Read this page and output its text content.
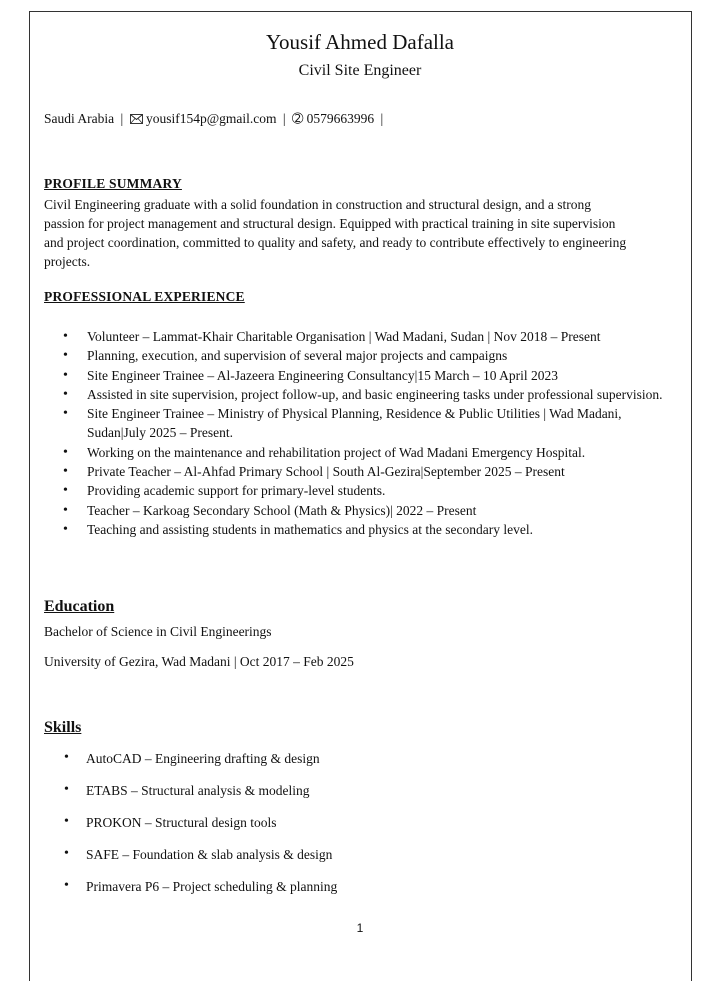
Yousif Ahmed Dafalla
Civil Site Engineer
Saudi Arabia | yousif154p@gmail.com | ➁ 0579663996 |
PROFILE SUMMARY
Civil Engineering graduate with a solid foundation in construction and structural design, and a strong
passion for project management and structural design. Equipped with practical training in site supervision
and project coordination, committed to quality and safety, and ready to contribute effectively to engineering
projects.
PROFESSIONAL EXPERIENCE
• Volunteer – Lammat-Khair Charitable Organisation | Wad Madani, Sudan | Nov 2018 – Present
• Planning, execution, and supervision of several major projects and campaigns
• Site Engineer Trainee – Al-Jazeera Engineering Consultancy|15 March – 10 April 2023
• Assisted in site supervision, project follow-up, and basic engineering tasks under professional supervision.
• Site Engineer Trainee – Ministry of Physical Planning, Residence & Public Utilities | Wad Madani, Sudan|July 2025 – Present.
• Working on the maintenance and rehabilitation project of Wad Madani Emergency Hospital.
• Private Teacher – Al-Ahfad Primary School | South Al-Gezira|September 2025 – Present
• Providing academic support for primary-level students.
• Teacher – Karkoag Secondary School (Math & Physics)| 2022 – Present
• Teaching and assisting students in mathematics and physics at the secondary level.
Education
Bachelor of Science in Civil Engineerings
University of Gezira, Wad Madani | Oct 2017 – Feb 2025
Skills
• AutoCAD – Engineering drafting & design
• ETABS – Structural analysis & modeling
• PROKON – Structural design tools
• SAFE – Foundation & slab analysis & design
• Primavera P6 – Project scheduling & planning
1
